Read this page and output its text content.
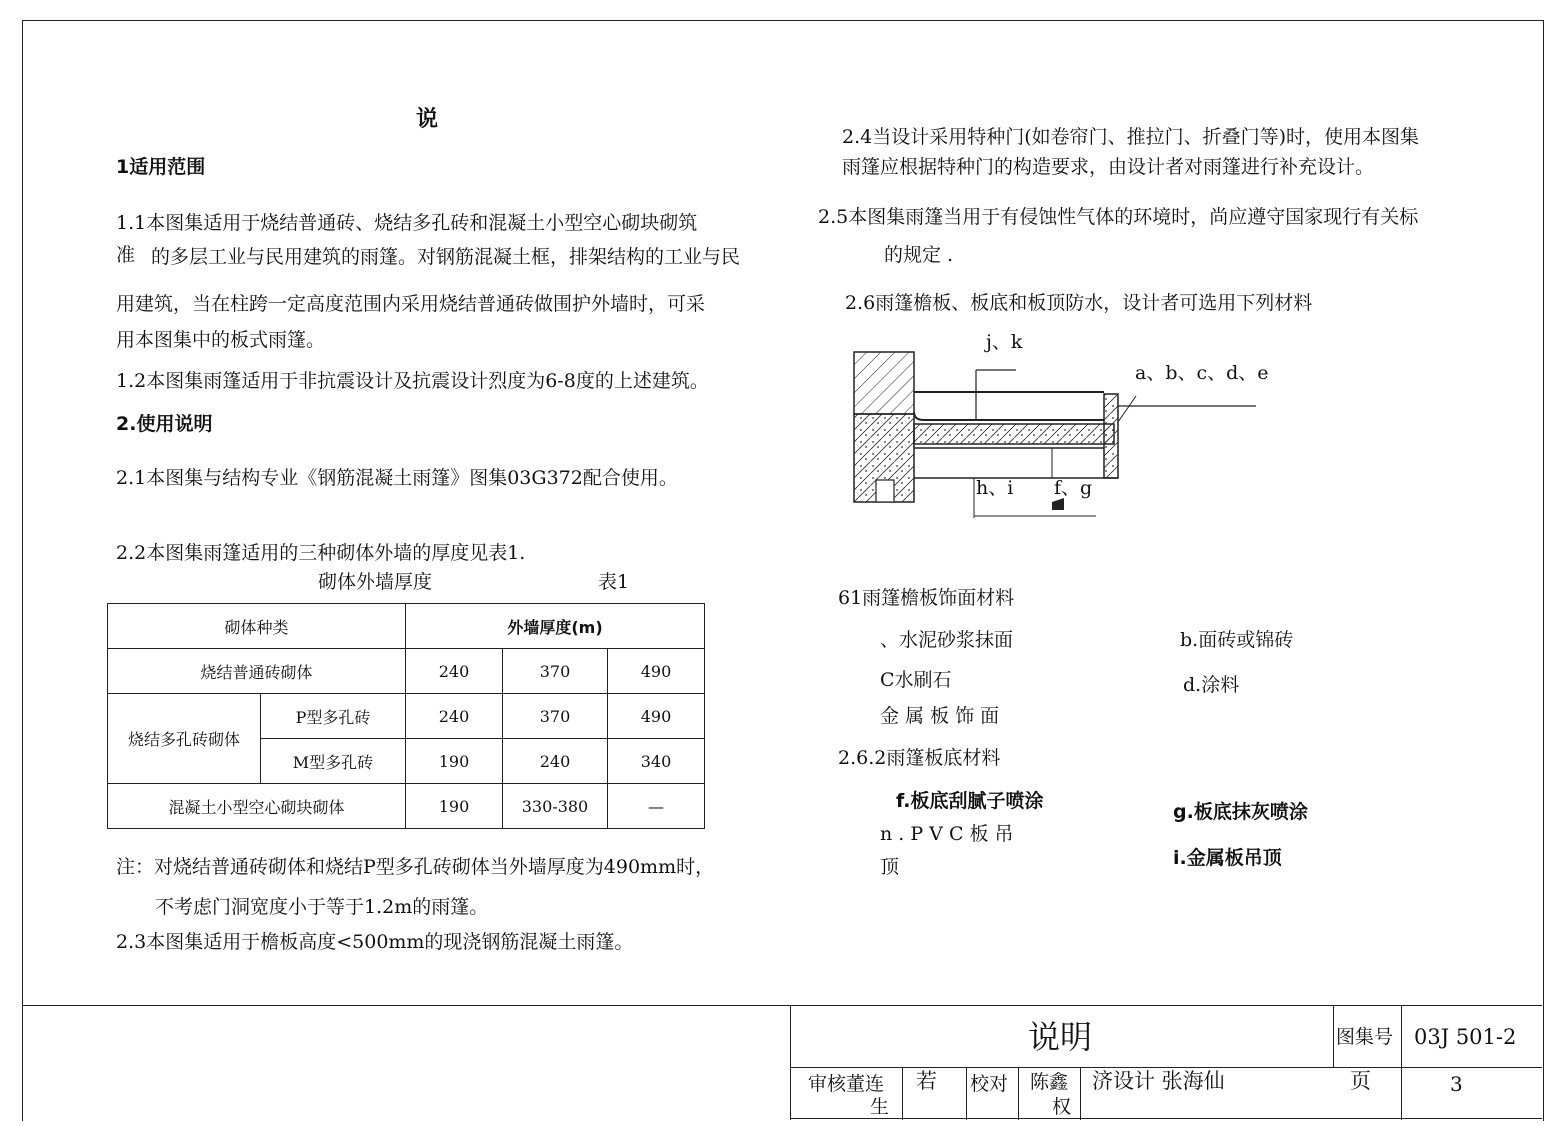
说
1适用范围
1.1本图集适用于烧结普通砖、烧结多孔砖和混凝土小型空心砌块砌筑
准 的多层工业与民用建筑的雨篷。对钢筋混凝土框，排架结构的工业与民
用建筑，当在柱跨一定高度范围内采用烧结普通砖做围护外墙时，可采
用本图集中的板式雨篷。
1.2本图集雨篷适用于非抗震设计及抗震设计烈度为6-8度的上述建筑。
2.使用说明
2.1本图集与结构专业《钢筋混凝土雨篷》图集03G372配合使用。
2.2本图集雨篷适用的三种砌体外墙的厚度见表1.
砌体外墙厚度	表1
砌体种类		外墙厚度(m)		
烧结普通砖砌体		240	370	490
烧结多孔砖砌体	P型多孔砖	240	370	490
	M型多孔砖	190	240	340
混凝土小型空心砌块砌体		190	330-380	—
注：对烧结普通砖砌体和烧结P型多孔砖砌体当外墙厚度为490mm时，
不考虑门洞宽度小于等于1.2m的雨篷。
2.3本图集适用于檐板高度<500mm的现浇钢筋混凝土雨篷。
2.4当设计采用特种门(如卷帘门、推拉门、折叠门等)时，使用本图集
雨篷应根据特种门的构造要求，由设计者对雨篷进行补充设计。
2.5本图集雨篷当用于有侵蚀性气体的环境时，尚应遵守国家现行有关标
的规定 .
2.6雨篷檐板、板底和板顶防水，设计者可选用下列材料
j、k
a、b、c、d、e
h、i f、g
61雨篷檐板饰面材料
、水泥砂浆抹面	b.面砖或锦砖
C水刷石	d.涂料
金 属 板 饰 面
2.6.2雨篷板底材料
f.板底刮腻子喷涂	g.板底抹灰喷涂
n . P V C 板 吊
顶	i.金属板吊顶
说明	图集号 03J 501-2
审核董连
生
若 校对 陈鑫
权
济设计 张海仙	页	3
